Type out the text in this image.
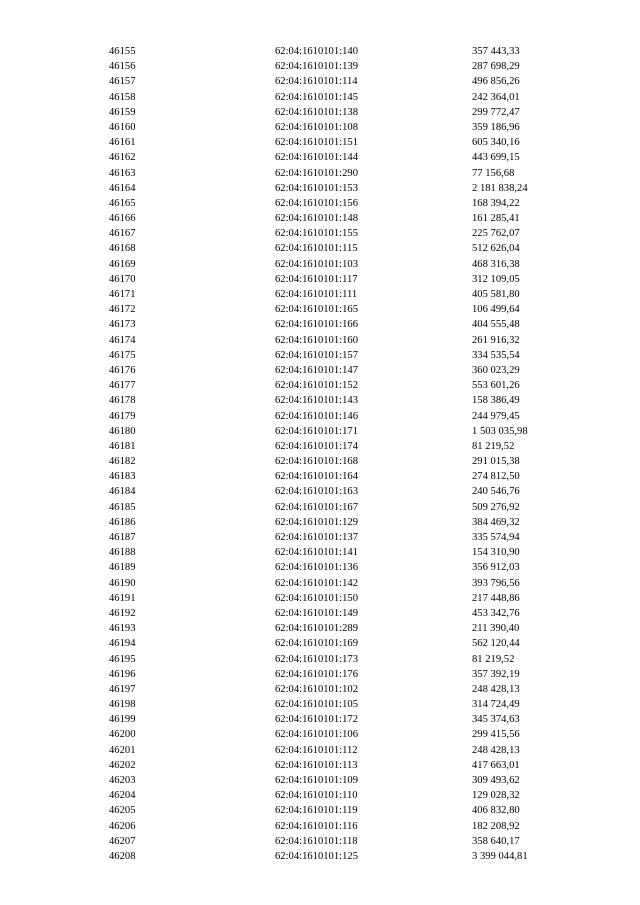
46155	62:04:1610101:140	357 443,33
46156	62:04:1610101:139	287 698,29
46157	62:04:1610101:114	496 856,26
46158	62:04:1610101:145	242 364,01
46159	62:04:1610101:138	299 772,47
46160	62:04:1610101:108	359 186,96
46161	62:04:1610101:151	605 340,16
46162	62:04:1610101:144	443 699,15
46163	62:04:1610101:290	77 156,68
46164	62:04:1610101:153	2 181 838,24
46165	62:04:1610101:156	168 394,22
46166	62:04:1610101:148	161 285,41
46167	62:04:1610101:155	225 762,07
46168	62:04:1610101:115	512 626,04
46169	62:04:1610101:103	468 316,38
46170	62:04:1610101:117	312 109,05
46171	62:04:1610101:111	405 581,80
46172	62:04:1610101:165	106 499,64
46173	62:04:1610101:166	404 555,48
46174	62:04:1610101:160	261 916,32
46175	62:04:1610101:157	334 535,54
46176	62:04:1610101:147	360 023,29
46177	62:04:1610101:152	553 601,26
46178	62:04:1610101:143	158 386,49
46179	62:04:1610101:146	244 979,45
46180	62:04:1610101:171	1 503 035,98
46181	62:04:1610101:174	81 219,52
46182	62:04:1610101:168	291 015,38
46183	62:04:1610101:164	274 812,50
46184	62:04:1610101:163	240 546,76
46185	62:04:1610101:167	509 276,92
46186	62:04:1610101:129	384 469,32
46187	62:04:1610101:137	335 574,94
46188	62:04:1610101:141	154 310,90
46189	62:04:1610101:136	356 912,03
46190	62:04:1610101:142	393 796,56
46191	62:04:1610101:150	217 448,86
46192	62:04:1610101:149	453 342,76
46193	62:04:1610101:289	211 390,40
46194	62:04:1610101:169	562 120,44
46195	62:04:1610101:173	81 219,52
46196	62:04:1610101:176	357 392,19
46197	62:04:1610101:102	248 428,13
46198	62:04:1610101:105	314 724,49
46199	62:04:1610101:172	345 374,63
46200	62:04:1610101:106	299 415,56
46201	62:04:1610101:112	248 428,13
46202	62:04:1610101:113	417 663,01
46203	62:04:1610101:109	309 493,62
46204	62:04:1610101:110	129 028,32
46205	62:04:1610101:119	406 832,80
46206	62:04:1610101:116	182 208,92
46207	62:04:1610101:118	358 640,17
46208	62:04:1610101:125	3 399 044,81
